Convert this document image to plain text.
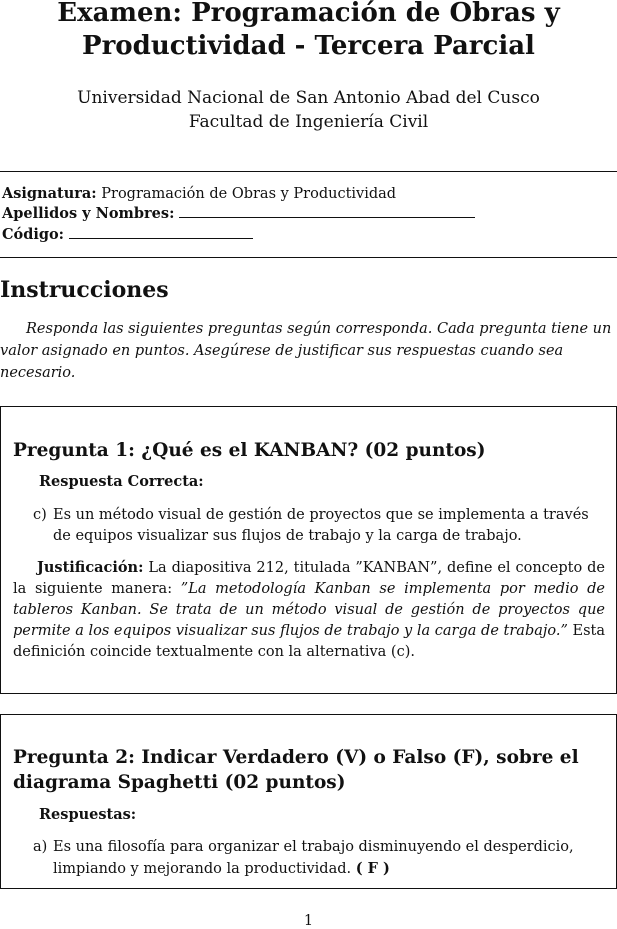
Examen: Programación de Obras y
Productividad - Tercera Parcial
Universidad Nacional de San Antonio Abad del Cusco
Facultad de Ingeniería Civil
Asignatura: Programación de Obras y Productividad
Apellidos y Nombres:
Código:
Instrucciones

Responda las siguientes preguntas según corresponda. Cada pregunta tiene un valor asignado en puntos. Asegúrese de justificar sus respuestas cuando sea necesario.

Pregunta 1: ¿Qué es el KANBAN? (02 puntos)
Respuesta Correcta:

c) Es un método visual de gestión de proyectos que se implementa a través de equipos visualizar sus flujos de trabajo y la carga de trabajo.

Justificación: La diapositiva 212, titulada ”KANBAN”, define el concepto de la siguiente manera: ”La metodología Kanban se implementa por medio de tableros Kanban. Se trata de un método visual de gestión de proyectos que permite a los equipos visualizar sus flujos de trabajo y la carga de trabajo.” Esta definición coincide textualmente con la alternativa (c).

Pregunta 2: Indicar Verdadero (V) o Falso (F), sobre el diagrama Spaghetti (02 puntos)
Respuestas:

a) Es una filosofía para organizar el trabajo disminuyendo el desperdicio, limpiando y mejorando la productividad. ( F )

1
